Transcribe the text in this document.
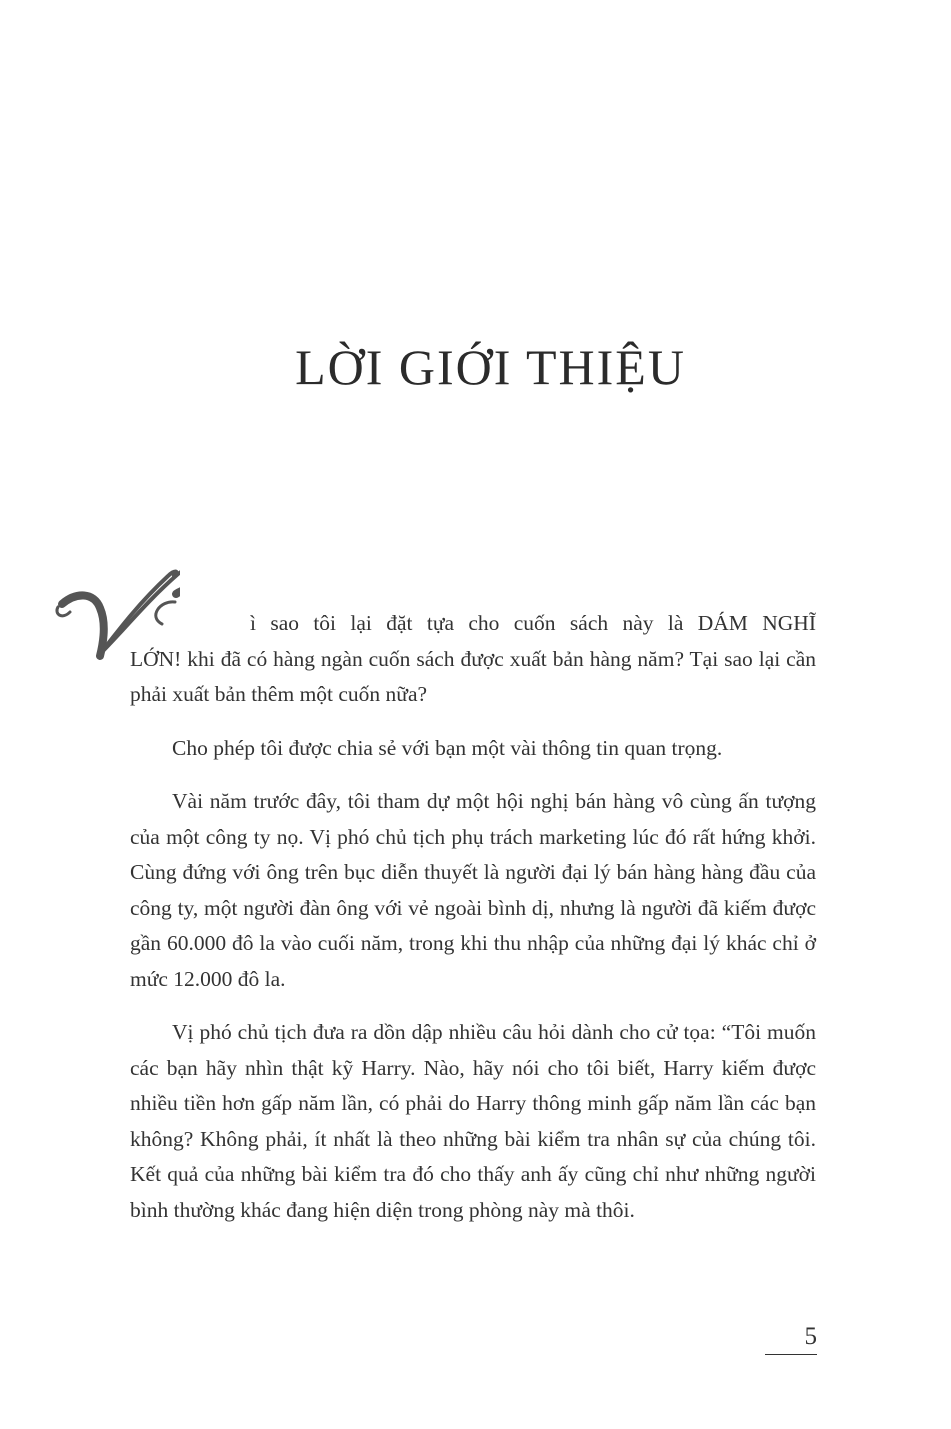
LỜI GIỚI THIỆU

ì sao tôi lại đặt tựa cho cuốn sách này là DÁM NGHĨ
LỚN! khi đã có hàng ngàn cuốn sách được xuất bản hàng năm? Tại sao lại cần phải xuất bản thêm một cuốn nữa?

Cho phép tôi được chia sẻ với bạn một vài thông tin quan trọng.

Vài năm trước đây, tôi tham dự một hội nghị bán hàng vô cùng ấn tượng của một công ty nọ. Vị phó chủ tịch phụ trách marketing lúc đó rất hứng khởi. Cùng đứng với ông trên bục diễn thuyết là người đại lý bán hàng hàng đầu của công ty, một người đàn ông với vẻ ngoài bình dị, nhưng là người đã kiếm được gần 60.000 đô la vào cuối năm, trong khi thu nhập của những đại lý khác chỉ ở mức 12.000 đô la.

Vị phó chủ tịch đưa ra dồn dập nhiều câu hỏi dành cho cử tọa: “Tôi muốn các bạn hãy nhìn thật kỹ Harry. Nào, hãy nói cho tôi biết, Harry kiếm được nhiều tiền hơn gấp năm lần, có phải do Harry thông minh gấp năm lần các bạn không? Không phải, ít nhất là theo những bài kiểm tra nhân sự của chúng tôi. Kết quả của những bài kiểm tra đó cho thấy anh ấy cũng chỉ như những người bình thường khác đang hiện diện trong phòng này mà thôi.

5
